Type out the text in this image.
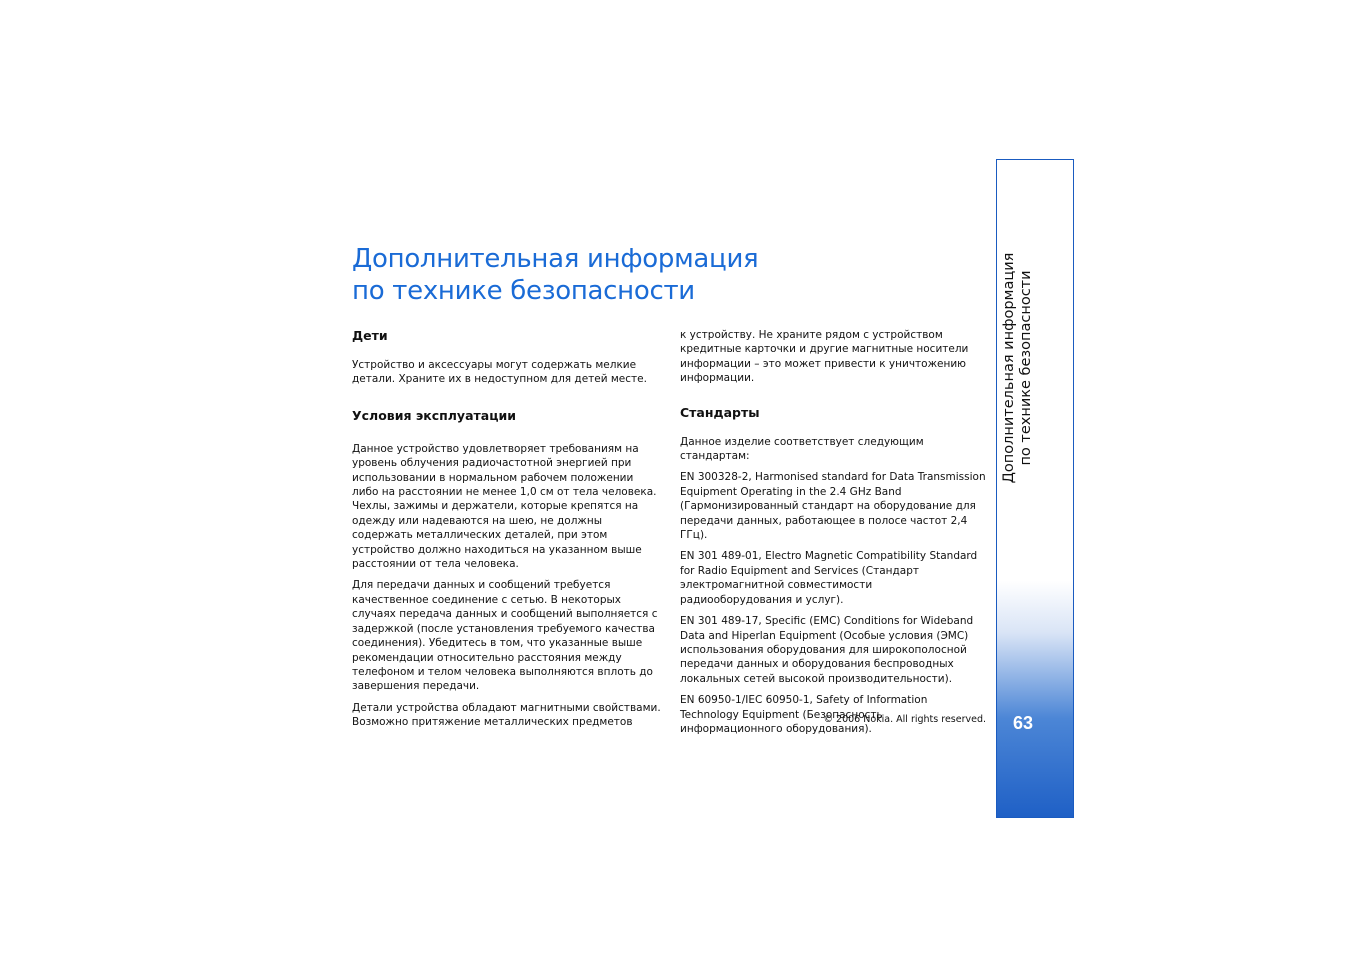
Дополнительная информация
по технике безопасности
Дети

Устройство и аксессуары могут содержать мелкие детали. Храните их в недоступном для детей месте.

Условия эксплуатации

Данное устройство удовлетворяет требованиям на уровень облучения радиочастотной энергией при использовании в нормальном рабочем положении либо на расстоянии не менее 1,0 см от тела человека. Чехлы, зажимы и держатели, которые крепятся на одежду или надеваются на шею, не должны содержать металлических деталей, при этом устройство должно находиться на указанном выше расстоянии от тела человека.

Для передачи данных и сообщений требуется качественное соединение с сетью. В некоторых случаях передача данных и сообщений выполняется с задержкой (после установления требуемого качества соединения). Убедитесь в том, что указанные выше рекомендации относительно расстояния между телефоном и телом человека выполняются вплоть до завершения передачи.

Детали устройства обладают магнитными свойствами. Возможно притяжение металлических предметов

к устройству. Не храните рядом с устройством кредитные карточки и другие магнитные носители информации – это может привести к уничтожению информации.

Стандарты

Данное изделие соответствует следующим стандартам:

EN 300328-2, Harmonised standard for Data Transmission Equipment Operating in the 2.4 GHz Band (Гармонизированный стандарт на оборудование для передачи данных, работающее в полосе частот 2,4 ГГц).

EN 301 489-01, Electro Magnetic Compatibility Standard for Radio Equipment and Services (Стандарт электромагнитной совместимости радиооборудования и услуг).

EN 301 489-17, Specific (EMC) Conditions for Wideband Data and Hiperlan Equipment (Особые условия (ЭМС) использования оборудования для широкополосной передачи данных и оборудования беспроводных локальных сетей высокой производительности).

EN 60950-1/IEC 60950-1, Safety of Information Technology Equipment (Безопасность информационного оборудования).

© 2006 Nokia. All rights reserved.
Дополнительная информация по технике безопасности
63
